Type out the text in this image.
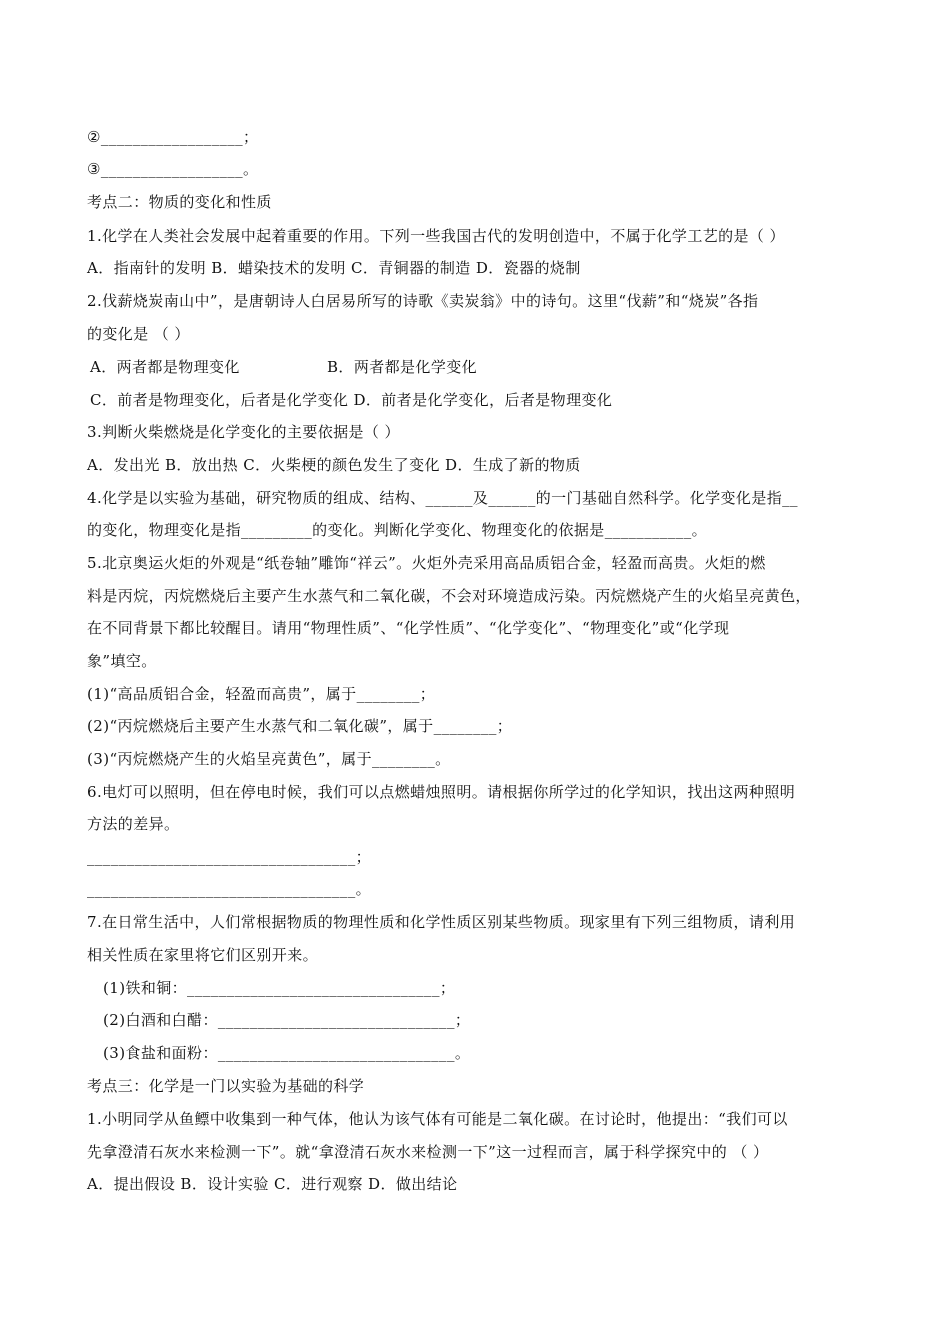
②__________________；
③__________________。
考点二：物质的变化和性质
1.化学在人类社会发展中起着重要的作用。下列一些我国古代的发明创造中，不属于化学工艺的是（ ）
A．指南针的发明 B．蜡染技术的发明 C．青铜器的制造 D．瓷器的烧制
2.伐薪烧炭南山中”，是唐朝诗人白居易所写的诗歌《卖炭翁》中的诗句。这里“伐薪”和“烧炭”各指
的变化是 （ ）
A．两者都是物理变化	B．两者都是化学变化
C．前者是物理变化，后者是化学变化 D．前者是化学变化，后者是物理变化
3.判断火柴燃烧是化学变化的主要依据是（ ）
A．发出光 B．放出热 C．火柴梗的颜色发生了变化 D．生成了新的物质
4.化学是以实验为基础，研究物质的组成、结构、______及______的一门基础自然科学。化学变化是指__
的变化，物理变化是指_________的变化。判断化学变化、物理变化的依据是___________。
5.北京奥运火炬的外观是“纸卷轴”雕饰“祥云”。火炬外壳采用高品质铝合金，轻盈而高贵。火炬的燃
料是丙烷，丙烷燃烧后主要产生水蒸气和二氧化碳，不会对环境造成污染。丙烷燃烧产生的火焰呈亮黄色，
在不同背景下都比较醒目。请用“物理性质”、“化学性质”、“化学变化”、“物理变化”或“化学现
象”填空。
(1)“高品质铝合金，轻盈而高贵”，属于________；
(2)“丙烷燃烧后主要产生水蒸气和二氧化碳”，属于________；
(3)“丙烷燃烧产生的火焰呈亮黄色”，属于________。
6.电灯可以照明，但在停电时候，我们可以点燃蜡烛照明。请根据你所学过的化学知识，找出这两种照明
方法的差异。
__________________________________；
__________________________________。
7.在日常生活中，人们常根据物质的物理性质和化学性质区别某些物质。现家里有下列三组物质，请利用
相关性质在家里将它们区别开来。
(1)铁和铜：________________________________；
(2)白酒和白醋：______________________________；
(3)食盐和面粉：______________________________。
考点三：化学是一门以实验为基础的科学
1.小明同学从鱼鳔中收集到一种气体，他认为该气体有可能是二氧化碳。在讨论时，他提出：“我们可以
先拿澄清石灰水来检测一下”。就“拿澄清石灰水来检测一下”这一过程而言，属于科学探究中的 （ ）
A．提出假设 B．设计实验 C．进行观察 D．做出结论
